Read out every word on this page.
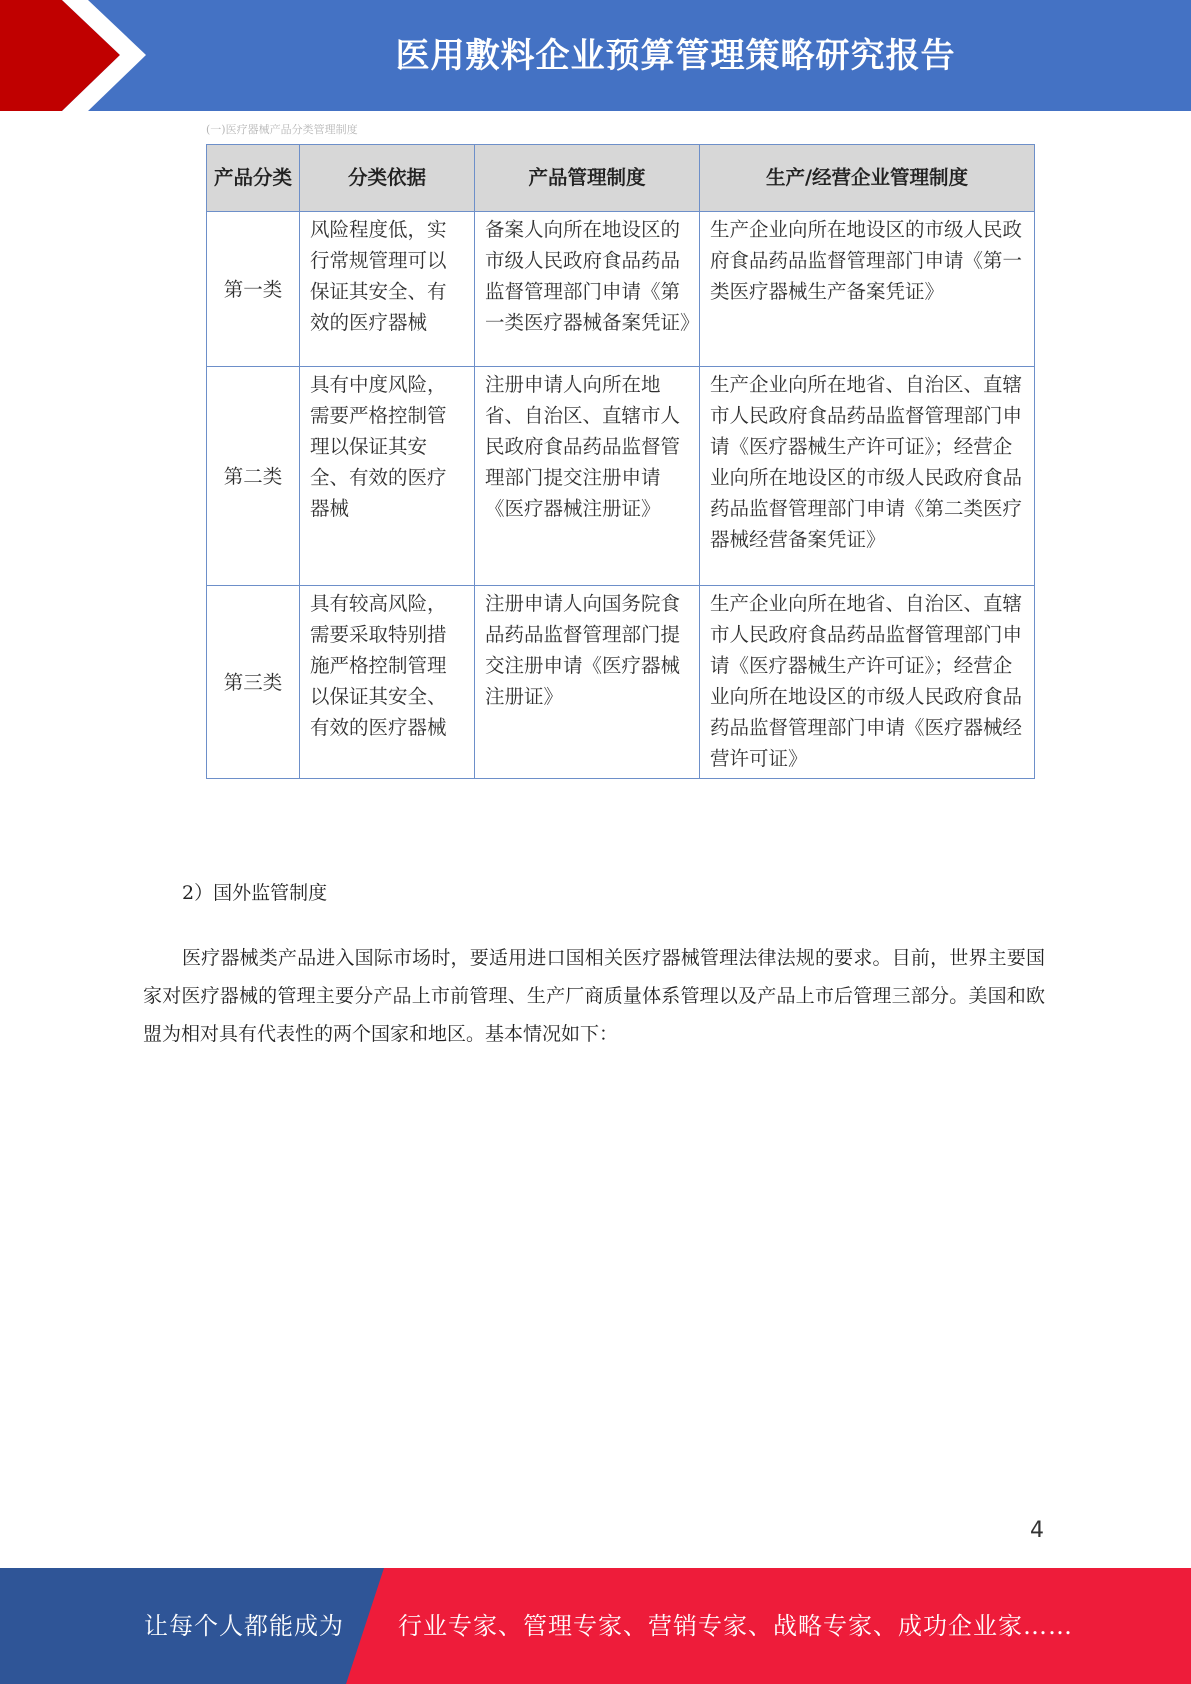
医用敷料企业预算管理策略研究报告
(一)医疗器械产品分类管理制度
产品分类	分类依据	产品管理制度	生产/经营企业管理制度
第一类	风险程度低，实行常规管理可以保证其安全、有效的医疗器械	备案人向所在地设区的市级人民政府食品药品监督管理部门申请《第一类医疗器械备案凭证》	生产企业向所在地设区的市级人民政府食品药品监督管理部门申请《第一类医疗器械生产备案凭证》
第二类	具有中度风险，需要严格控制管理以保证其安全、有效的医疗器械	注册申请人向所在地省、自治区、直辖市人民政府食品药品监督管理部门提交注册申请《医疗器械注册证》	生产企业向所在地省、自治区、直辖市人民政府食品药品监督管理部门申请《医疗器械生产许可证》；经营企业向所在地设区的市级人民政府食品药品监督管理部门申请《第二类医疗器械经营备案凭证》
第三类	具有较高风险，需要采取特别措施严格控制管理以保证其安全、有效的医疗器械	注册申请人向国务院食品药品监督管理部门提交注册申请《医疗器械注册证》	生产企业向所在地省、自治区、直辖市人民政府食品药品监督管理部门申请《医疗器械生产许可证》；经营企业向所在地设区的市级人民政府食品药品监督管理部门申请《医疗器械经营许可证》
2）国外监管制度
医疗器械类产品进入国际市场时，要适用进口国相关医疗器械管理法律法规的要求。目前，世界主要国家对医疗器械的管理主要分产品上市前管理、生产厂商质量体系管理以及产品上市后管理三部分。美国和欧盟为相对具有代表性的两个国家和地区。基本情况如下：
4
让每个人都能成为 行业专家、管理专家、营销专家、战略专家、成功企业家……
